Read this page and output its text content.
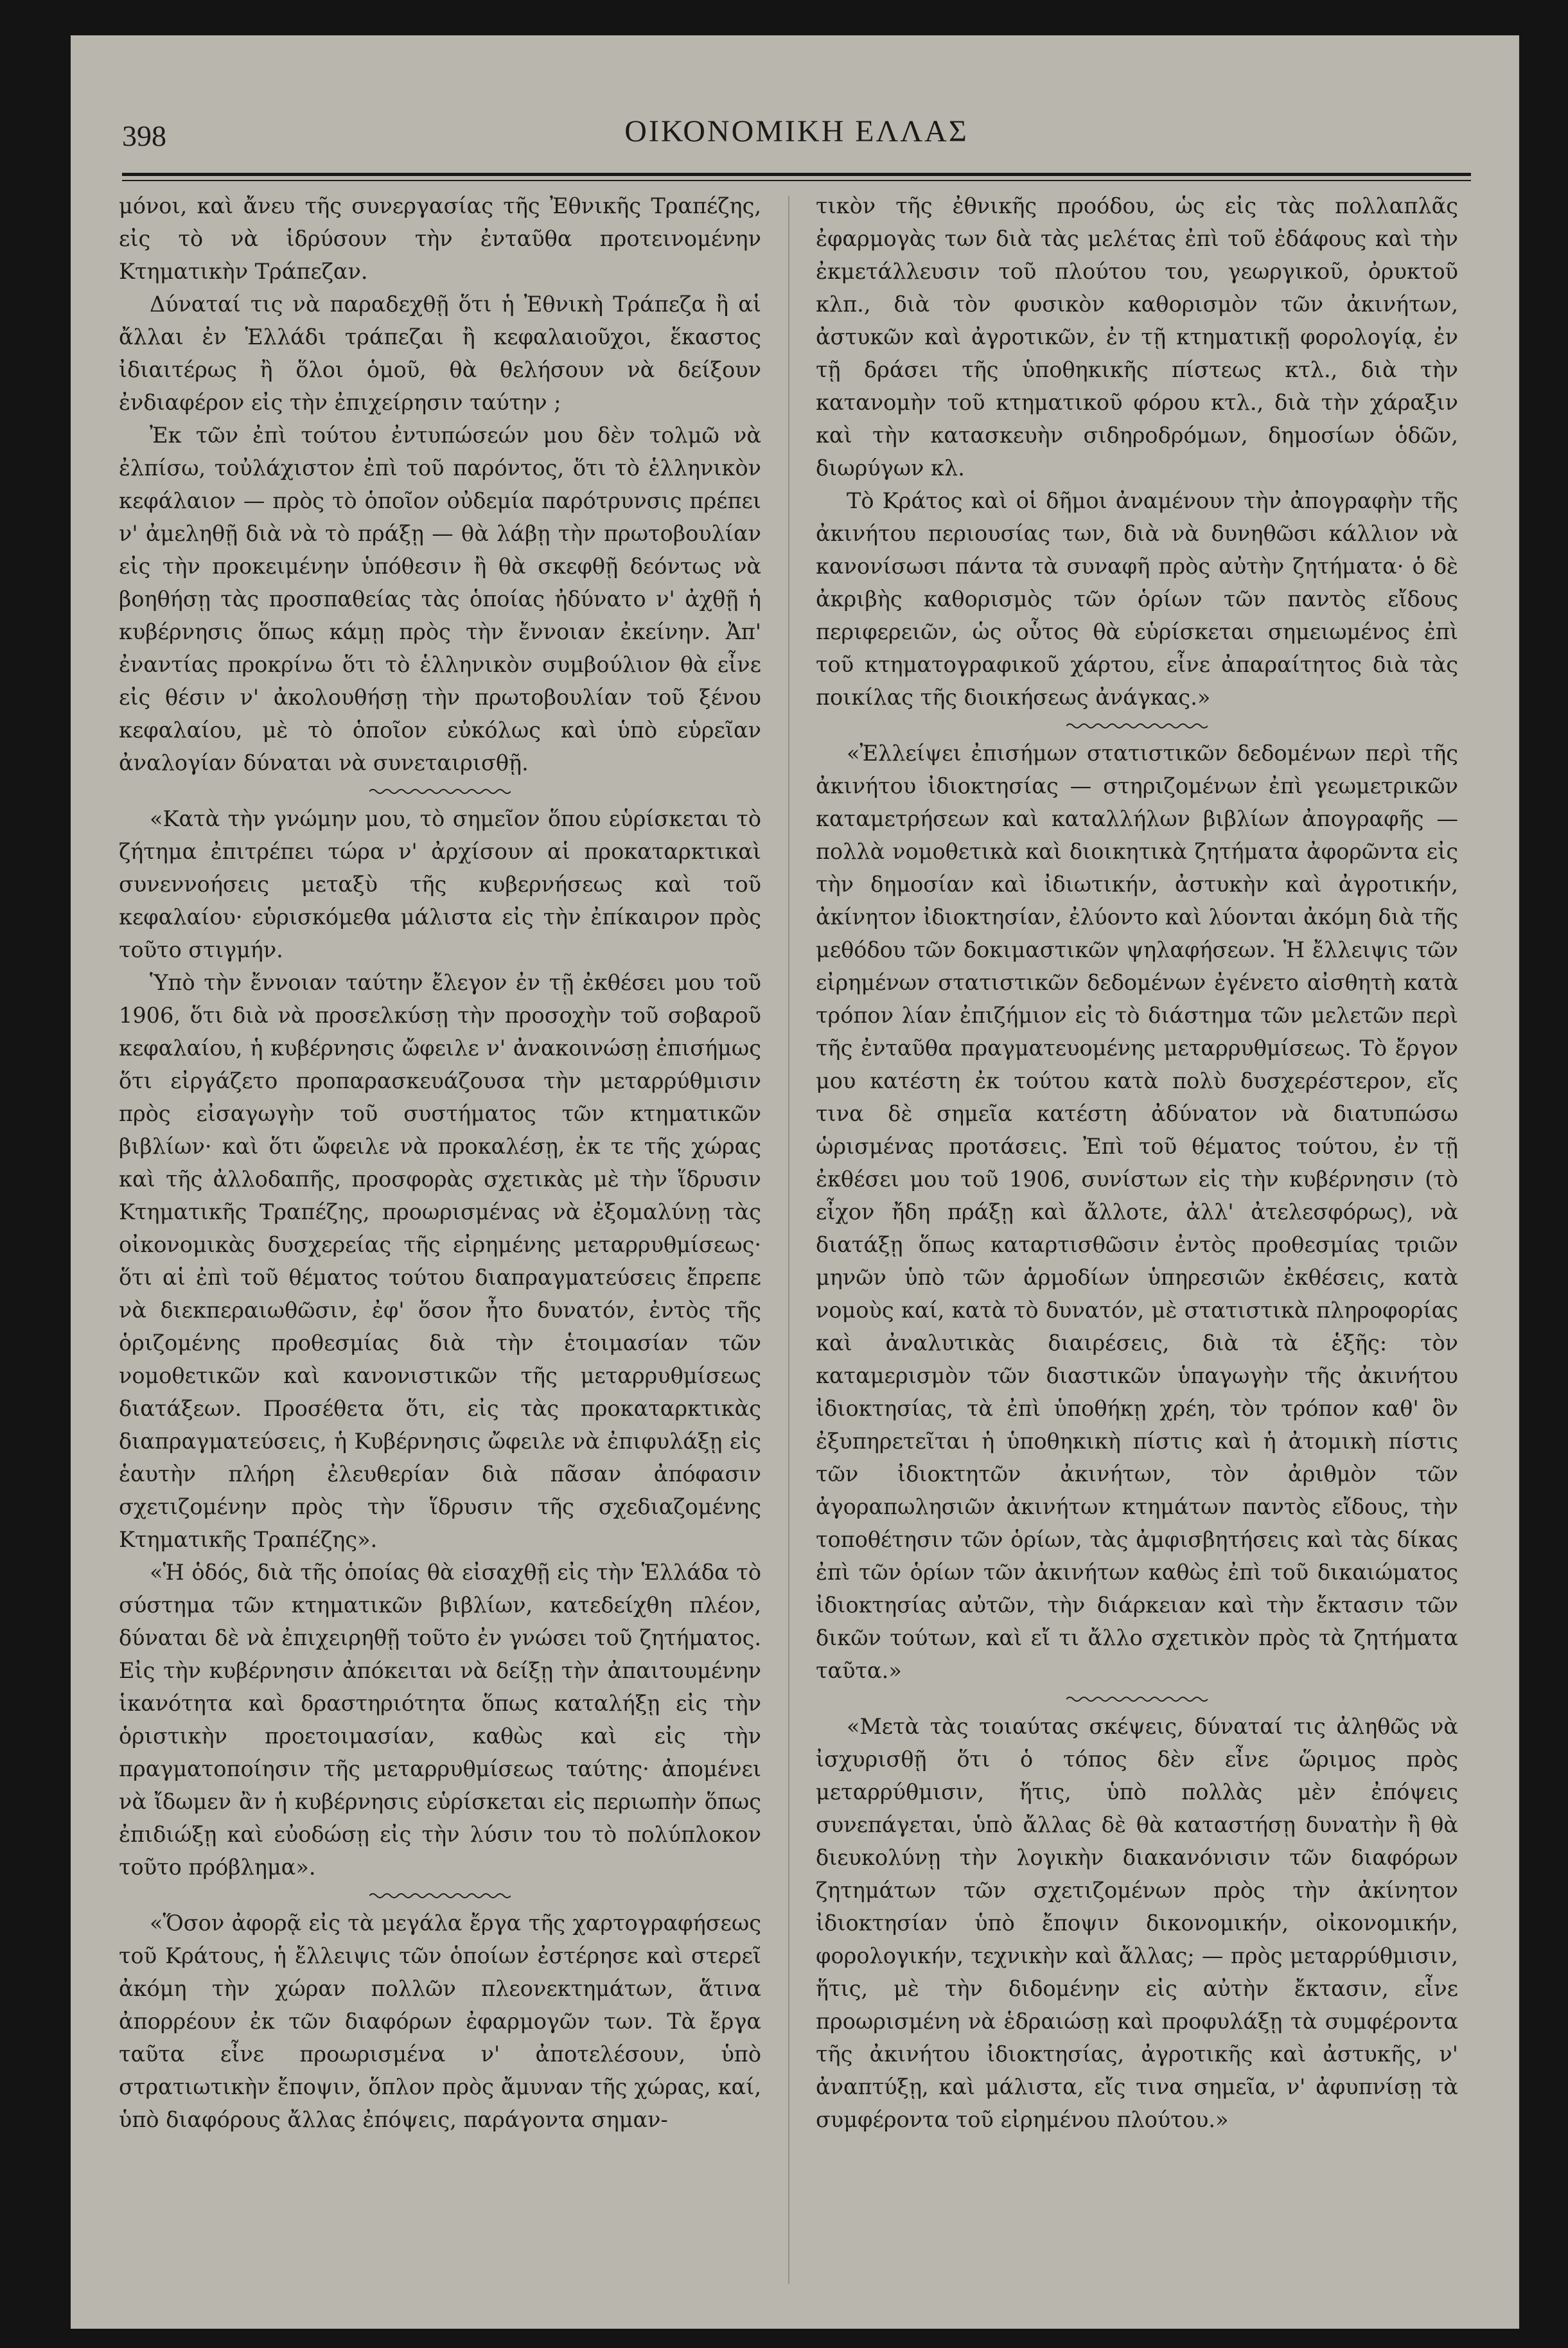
398	ΟΙΚΟΝΟΜΙΚΗ ΕΛΛΑΣ

μόνοι, καὶ ἄνευ τῆς συνεργασίας τῆς Ἐθνικῆς Τραπέζης, εἰς τὸ νὰ ἱδρύσουν τὴν ἐνταῦθα προτεινομένην Κτηματικὴν Τράπεζαν.

Δύναταί τις νὰ παραδεχθῇ ὅτι ἡ Ἐθνικὴ Τράπεζα ἢ αἱ ἄλλαι ἐν Ἑλλάδι τράπεζαι ἢ κεφαλαιοῦχοι, ἕκαστος ἰδιαιτέρως ἢ ὅλοι ὁμοῦ, θὰ θελήσουν νὰ δείξουν ἐνδιαφέρον εἰς τὴν ἐπιχείρησιν ταύτην ;

Ἐκ τῶν ἐπὶ τούτου ἐντυπώσεών μου δὲν τολμῶ νὰ ἐλπίσω, τοὐλάχιστον ἐπὶ τοῦ παρόντος, ὅτι τὸ ἑλληνικὸν κεφάλαιον — πρὸς τὸ ὁποῖον οὐδεμία παρότρυνσις πρέπει ν' ἀμεληθῇ διὰ νὰ τὸ πράξῃ — θὰ λάβῃ τὴν πρωτοβουλίαν εἰς τὴν προκειμένην ὑπόθεσιν ἢ θὰ σκεφθῇ δεόντως νὰ βοηθήσῃ τὰς προσπαθείας τὰς ὁποίας ἠδύνατο ν' ἀχθῇ ἡ κυβέρνησις ὅπως κάμῃ πρὸς τὴν ἔννοιαν ἐκείνην. Ἀπ' ἐναντίας προκρίνω ὅτι τὸ ἑλληνικὸν συμβούλιον θὰ εἶνε εἰς θέσιν ν' ἀκολουθήσῃ τὴν πρωτοβουλίαν τοῦ ξένου κεφαλαίου, μὲ τὸ ὁποῖον εὐκόλως καὶ ὑπὸ εὑρεῖαν ἀναλογίαν δύναται νὰ συνεταιρισθῇ.

«Κατὰ τὴν γνώμην μου, τὸ σημεῖον ὅπου εὑρίσκεται τὸ ζήτημα ἐπιτρέπει τώρα ν' ἀρχίσουν αἱ προκαταρκτικαὶ συνεννοήσεις μεταξὺ τῆς κυβερνήσεως καὶ τοῦ κεφαλαίου· εὑρισκόμεθα μάλιστα εἰς τὴν ἐπίκαιρον πρὸς τοῦτο στιγμήν.

Ὑπὸ τὴν ἔννοιαν ταύτην ἔλεγον ἐν τῇ ἐκθέσει μου τοῦ 1906, ὅτι διὰ νὰ προσελκύσῃ τὴν προσοχὴν τοῦ σοβαροῦ κεφαλαίου, ἡ κυβέρνησις ὤφειλε ν' ἀνακοινώσῃ ἐπισήμως ὅτι εἰργάζετο προπαρασκευάζουσα τὴν μεταρρύθμισιν πρὸς εἰσαγωγὴν τοῦ συστήματος τῶν κτηματικῶν βιβλίων· καὶ ὅτι ὤφειλε νὰ προκαλέσῃ, ἐκ τε τῆς χώρας καὶ τῆς ἀλλοδαπῆς, προσφορὰς σχετικὰς μὲ τὴν ἵδρυσιν Κτηματικῆς Τραπέζης, προωρισμένας νὰ ἐξομαλύνῃ τὰς οἰκονομικὰς δυσχερείας τῆς εἰρημένης μεταρρυθμίσεως· ὅτι αἱ ἐπὶ τοῦ θέματος τούτου διαπραγματεύσεις ἔπρεπε νὰ διεκπεραιωθῶσιν, ἐφ' ὅσον ἦτο δυνατόν, ἐντὸς τῆς ὁριζομένης προθεσμίας διὰ τὴν ἑτοιμασίαν τῶν νομοθετικῶν καὶ κανονιστικῶν τῆς μεταρρυθμίσεως διατάξεων. Προσέθετα ὅτι, εἰς τὰς προκαταρκτικὰς διαπραγματεύσεις, ἡ Κυβέρνησις ὤφειλε νὰ ἐπιφυλάξῃ εἰς ἑαυτὴν πλήρη ἐλευθερίαν διὰ πᾶσαν ἀπόφασιν σχετιζομένην πρὸς τὴν ἵδρυσιν τῆς σχεδιαζομένης Κτηματικῆς Τραπέζης».

«Ἡ ὁδός, διὰ τῆς ὁποίας θὰ εἰσαχθῇ εἰς τὴν Ἑλλάδα τὸ σύστημα τῶν κτηματικῶν βιβλίων, κατεδείχθη πλέον, δύναται δὲ νὰ ἐπιχειρηθῇ τοῦτο ἐν γνώσει τοῦ ζητήματος. Εἰς τὴν κυβέρνησιν ἀπόκειται νὰ δείξῃ τὴν ἀπαιτουμένην ἱκανότητα καὶ δραστηριότητα ὅπως καταλήξῃ εἰς τὴν ὁριστικὴν προετοιμασίαν, καθὼς καὶ εἰς τὴν πραγματοποίησιν τῆς μεταρρυθμίσεως ταύτης· ἀπομένει νὰ ἴδωμεν ἂν ἡ κυβέρνησις εὑρίσκεται εἰς περιωπὴν ὅπως ἐπιδιώξῃ καὶ εὐοδώσῃ εἰς τὴν λύσιν του τὸ πολύπλοκον τοῦτο πρόβλημα».

«Ὅσον ἀφορᾷ εἰς τὰ μεγάλα ἔργα τῆς χαρτογραφήσεως τοῦ Κράτους, ἡ ἔλλειψις τῶν ὁποίων ἐστέρησε καὶ στερεῖ ἀκόμη τὴν χώραν πολλῶν πλεονεκτημάτων, ἅτινα ἀπορρέουν ἐκ τῶν διαφόρων ἐφαρμογῶν των. Τὰ ἔργα ταῦτα εἶνε προωρισμένα ν' ἀποτελέσουν, ὑπὸ στρατιωτικὴν ἔποψιν, ὅπλον πρὸς ἄμυναν τῆς χώρας, καί, ὑπὸ διαφόρους ἄλλας ἐπόψεις, παράγοντα σημαν-

τικὸν τῆς ἐθνικῆς προόδου, ὡς εἰς τὰς πολλαπλᾶς ἐφαρμογὰς των διὰ τὰς μελέτας ἐπὶ τοῦ ἐδάφους καὶ τὴν ἐκμετάλλευσιν τοῦ πλούτου του, γεωργικοῦ, ὀρυκτοῦ κλπ., διὰ τὸν φυσικὸν καθορισμὸν τῶν ἀκινήτων, ἀστυκῶν καὶ ἀγροτικῶν, ἐν τῇ κτηματικῇ φορολογίᾳ, ἐν τῇ δράσει τῆς ὑποθηκικῆς πίστεως κτλ., διὰ τὴν κατανομὴν τοῦ κτηματικοῦ φόρου κτλ., διὰ τὴν χάραξιν καὶ τὴν κατασκευὴν σιδηροδρόμων, δημοσίων ὁδῶν, διωρύγων κλ.

Τὸ Κράτος καὶ οἱ δῆμοι ἀναμένουν τὴν ἀπογραφὴν τῆς ἀκινήτου περιουσίας των, διὰ νὰ δυνηθῶσι κάλλιον νὰ κανονίσωσι πάντα τὰ συναφῆ πρὸς αὐτὴν ζητήματα· ὁ δὲ ἀκριβὴς καθορισμὸς τῶν ὁρίων τῶν παντὸς εἴδους περιφερειῶν, ὡς οὗτος θὰ εὑρίσκεται σημειωμένος ἐπὶ τοῦ κτηματογραφικοῦ χάρτου, εἶνε ἀπαραίτητος διὰ τὰς ποικίλας τῆς διοικήσεως ἀνάγκας.»

«Ἐλλείψει ἐπισήμων στατιστικῶν δεδομένων περὶ τῆς ἀκινήτου ἰδιοκτησίας — στηριζομένων ἐπὶ γεωμετρικῶν καταμετρήσεων καὶ καταλλήλων βιβλίων ἀπογραφῆς — πολλὰ νομοθετικὰ καὶ διοικητικὰ ζητήματα ἀφορῶντα εἰς τὴν δημοσίαν καὶ ἰδιωτικήν, ἀστυκὴν καὶ ἀγροτικήν, ἀκίνητον ἰδιοκτησίαν, ἐλύοντο καὶ λύονται ἀκόμη διὰ τῆς μεθόδου τῶν δοκιμαστικῶν ψηλαφήσεων. Ἡ ἔλλειψις τῶν εἰρημένων στατιστικῶν δεδομένων ἐγένετο αἰσθητὴ κατὰ τρόπον λίαν ἐπιζήμιον εἰς τὸ διάστημα τῶν μελετῶν περὶ τῆς ἐνταῦθα πραγματευομένης μεταρρυθμίσεως. Τὸ ἔργον μου κατέστη ἐκ τούτου κατὰ πολὺ δυσχερέστερον, εἴς τινα δὲ σημεῖα κατέστη ἀδύνατον νὰ διατυπώσω ὡρισμένας προτάσεις. Ἐπὶ τοῦ θέματος τούτου, ἐν τῇ ἐκθέσει μου τοῦ 1906, συνίστων εἰς τὴν κυβέρνησιν (τὸ εἶχον ἤδη πράξῃ καὶ ἄλλοτε, ἀλλ' ἀτελεσφόρως), νὰ διατάξῃ ὅπως καταρτισθῶσιν ἐντὸς προθεσμίας τριῶν μηνῶν ὑπὸ τῶν ἁρμοδίων ὑπηρεσιῶν ἐκθέσεις, κατὰ νομοὺς καί, κατὰ τὸ δυνατόν, μὲ στατιστικὰ πληροφορίας καὶ ἀναλυτικὰς διαιρέσεις, διὰ τὰ ἑξῆς: τὸν καταμερισμὸν τῶν διαστικῶν ὑπαγωγὴν τῆς ἀκινήτου ἰδιοκτησίας, τὰ ἐπὶ ὑποθήκῃ χρέη, τὸν τρόπον καθ' ὃν ἐξυπηρετεῖται ἡ ὑποθηκικὴ πίστις καὶ ἡ ἀτομικὴ πίστις τῶν ἰδιοκτητῶν ἀκινήτων, τὸν ἀριθμὸν τῶν ἀγοραπωλησιῶν ἀκινήτων κτημάτων παντὸς εἴδους, τὴν τοποθέτησιν τῶν ὁρίων, τὰς ἀμφισβητήσεις καὶ τὰς δίκας ἐπὶ τῶν ὁρίων τῶν ἀκινήτων καθὼς ἐπὶ τοῦ δικαιώματος ἰδιοκτησίας αὐτῶν, τὴν διάρκειαν καὶ τὴν ἔκτασιν τῶν δικῶν τούτων, καὶ εἴ τι ἄλλο σχετικὸν πρὸς τὰ ζητήματα ταῦτα.»

«Μετὰ τὰς τοιαύτας σκέψεις, δύναταί τις ἀληθῶς νὰ ἰσχυρισθῇ ὅτι ὁ τόπος δὲν εἶνε ὥριμος πρὸς μεταρρύθμισιν, ἥτις, ὑπὸ πολλὰς μὲν ἐπόψεις συνεπάγεται, ὑπὸ ἄλλας δὲ θὰ καταστήσῃ δυνατὴν ἢ θὰ διευκολύνῃ τὴν λογικὴν διακανόνισιν τῶν διαφόρων ζητημάτων τῶν σχετιζομένων πρὸς τὴν ἀκίνητον ἰδιοκτησίαν ὑπὸ ἔποψιν δικονομικήν, οἰκονομικήν, φορολογικήν, τεχνικὴν καὶ ἄλλας; — πρὸς μεταρρύθμισιν, ἥτις, μὲ τὴν διδομένην εἰς αὐτὴν ἔκτασιν, εἶνε προωρισμένη νὰ ἑδραιώσῃ καὶ προφυλάξῃ τὰ συμφέροντα τῆς ἀκινήτου ἰδιοκτησίας, ἀγροτικῆς καὶ ἀστυκῆς, ν' ἀναπτύξῃ, καὶ μάλιστα, εἴς τινα σημεῖα, ν' ἀφυπνίσῃ τὰ συμφέροντα τοῦ εἰρημένου πλούτου.»
